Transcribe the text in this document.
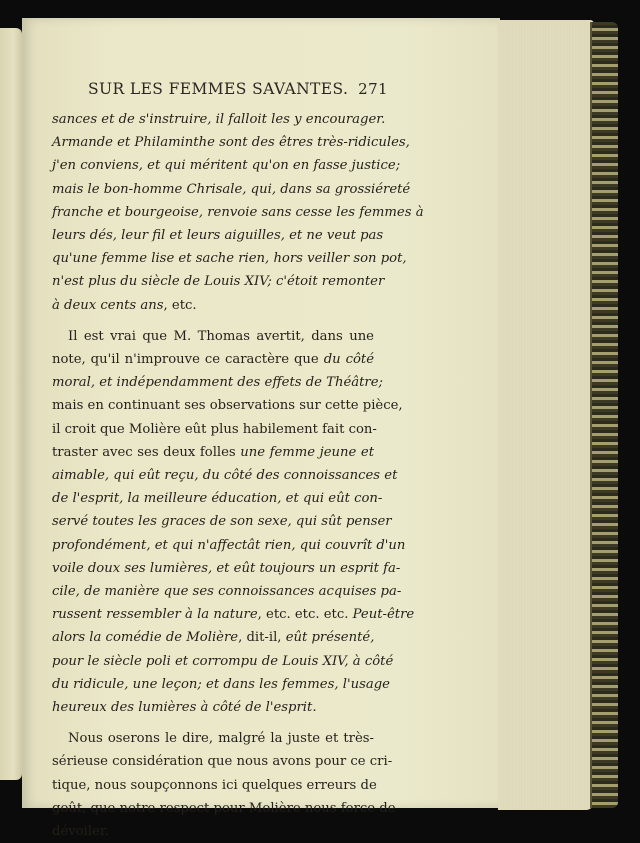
SUR LES FEMMES SAVANTES. 271
sances et de s'instruire, il falloit les y encourager.
Armande et Philaminthe sont des êtres très-ridicules,
j'en conviens, et qui méritent qu'on en fasse justice;
mais le bon-homme Chrisale, qui, dans sa grossiéreté
franche et bourgeoise, renvoie sans cesse les femmes à
leurs dés, leur fil et leurs aiguilles, et ne veut pas
qu'une femme lise et sache rien, hors veiller son pot,
n'est plus du siècle de Louis XIV; c'étoit remonter
à deux cents ans, etc.
Il est vrai que M. Thomas avertit, dans une
note, qu'il n'improuve ce caractère que du côté
moral, et indépendamment des effets de Théâtre;
mais en continuant ses observations sur cette pièce,
il croit que Molière eût plus habilement fait con-
traster avec ses deux folles une femme jeune et
aimable, qui eût reçu, du côté des connoissances et
de l'esprit, la meilleure éducation, et qui eût con-
servé toutes les graces de son sexe, qui sût penser
profondément, et qui n'affectât rien, qui couvrît d'un
voile doux ses lumières, et eût toujours un esprit fa-
cile, de manière que ses connoissances acquises pa-
russent ressembler à la nature, etc. etc. etc. Peut-être
alors la comédie de Molière, dit-il, eût présenté,
pour le siècle poli et corrompu de Louis XIV, à côté
du ridicule, une leçon; et dans les femmes, l'usage
heureux des lumières à côté de l'esprit.
Nous oserons le dire, malgré la juste et très-
sérieuse considération que nous avons pour ce cri-
tique, nous soupçonnons ici quelques erreurs de
goût, que notre respect pour Molière nous force de
dévoiler.
